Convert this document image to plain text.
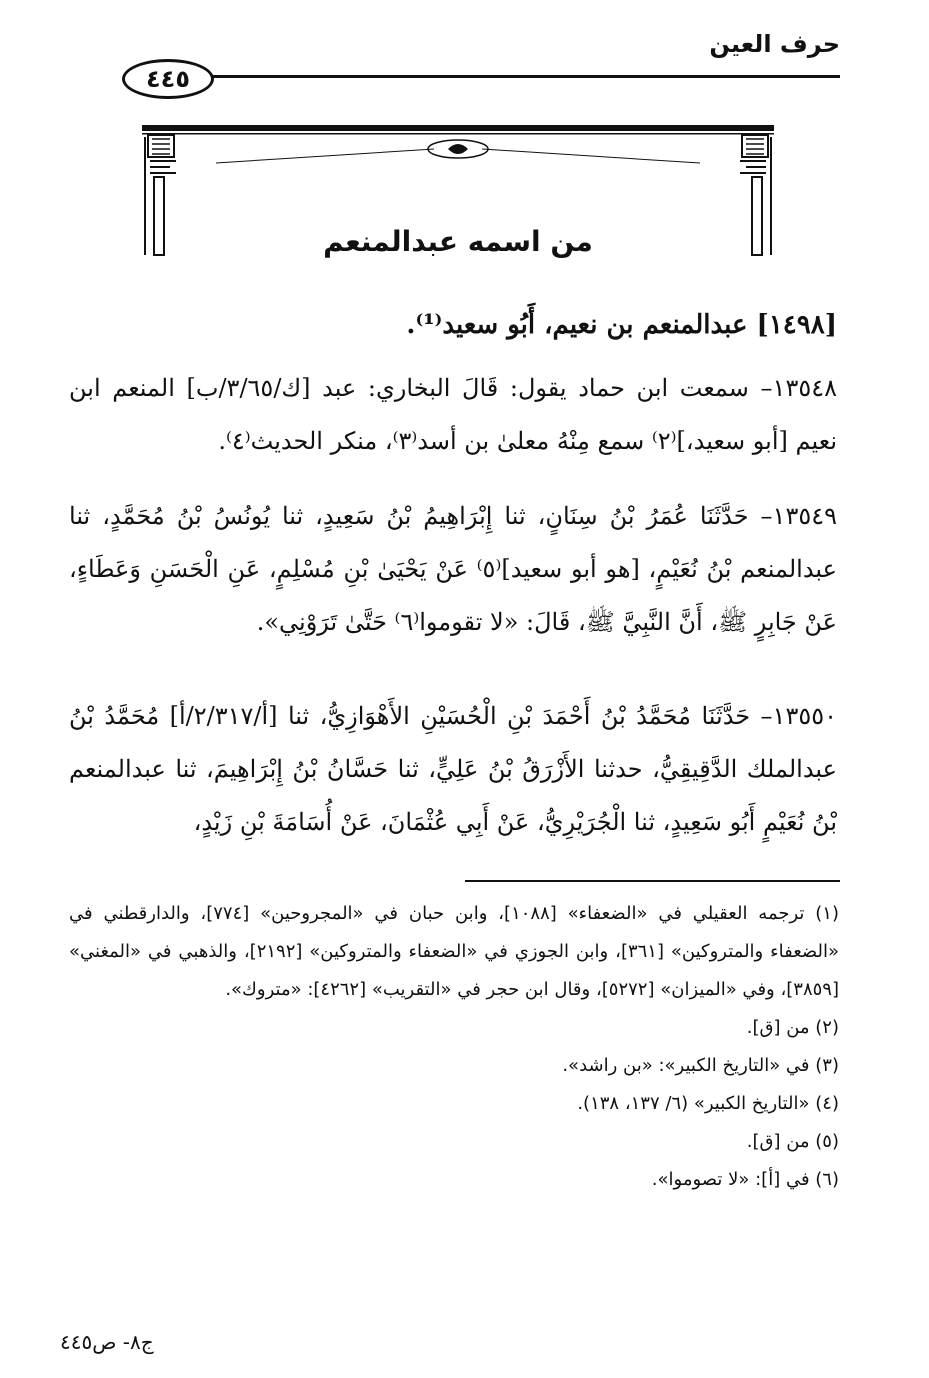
حرف العين
٤٤٥
من اسمه عبدالمنعم
[١٤٩٨] عبدالمنعم بن نعيم، أَبُو سعيد⁽¹⁾.
١٣٥٤٨– سمعت ابن حماد يقول: قَالَ البخاري: عبد [ك/٣/٦٥/ب] المنعم ابن نعيم [أبو سعيد،]⁽٢⁾ سمع مِنْهُ معلىٰ بن أسد⁽٣⁾، منكر الحديث⁽٤⁾.
١٣٥٤٩– حَدَّثَنَا عُمَرُ بْنُ سِنَانٍ، ثنا إِبْرَاهِيمُ بْنُ سَعِيدٍ، ثنا يُونُسُ بْنُ مُحَمَّدٍ، ثنا عبدالمنعم بْنُ نُعَيْمٍ، [هو أبو سعيد]⁽٥⁾ عَنْ يَحْيَىٰ بْنِ مُسْلِمٍ، عَنِ الْحَسَنِ وَعَطَاءٍ، عَنْ جَابِرٍ ﷺ، أَنَّ النَّبِيَّ ﷺ، قَالَ: «لا تقوموا⁽٦⁾ حَتَّىٰ تَرَوْنِي».
١٣٥٥٠– حَدَّثَنَا مُحَمَّدُ بْنُ أَحْمَدَ بْنِ الْحُسَيْنِ الأَهْوَازِيُّ، ثنا [أ/٢/٣١٧/أ] مُحَمَّدُ بْنُ عبدالملك الدَّقِيقِيُّ، حدثنا الأَزْرَقُ بْنُ عَلِيٍّ، ثنا حَسَّانُ بْنُ إِبْرَاهِيمَ، ثنا عبدالمنعم بْنُ نُعَيْمٍ أَبُو سَعِيدٍ، ثنا الْجُرَيْرِيُّ، عَنْ أَبِي عُثْمَانَ، عَنْ أُسَامَةَ بْنِ زَيْدٍ،

(١) ترجمه العقيلي في «الضعفاء» [١٠٨٨]، وابن حبان في «المجروحين» [٧٧٤]، والدارقطني في «الضعفاء والمتروكين» [٣٦١]، وابن الجوزي في «الضعفاء والمتروكين» [٢١٩٢]، والذهبي في «المغني» [٣٨٥٩]، وفي «الميزان» [٥٢٧٢]، وقال ابن حجر في «التقريب» [٤٢٦٢]: «متروك».

(٢) من [ق].

(٣) في «التاريخ الكبير»: «بن راشد».

(٤) «التاريخ الكبير» (٦/ ١٣٧، ١٣٨).

(٥) من [ق].

(٦) في [أ]: «لا تصوموا».

ج٨- ص٤٤٥
